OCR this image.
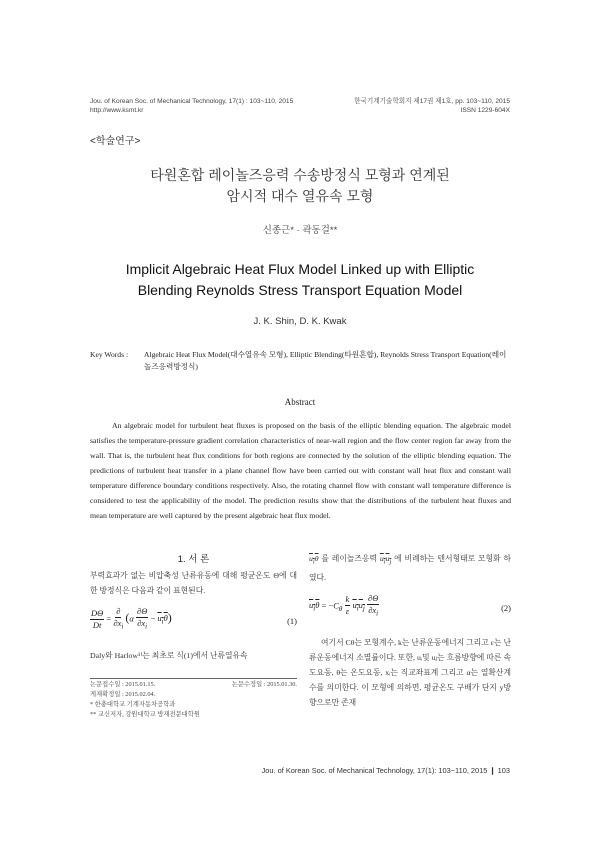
Jou. of Korean Soc. of Mechanical Technology, 17(1) : 103~110, 2015
http://www.ksmt.kr
한국기계기술학회지 제17권 제1호, pp. 103~110, 2015
ISSN 1229-604X
<학술연구>
타원혼합 레이놀즈응력 수송방정식 모형과 연계된
암시적 대수 열유속 모형
신종근* · 곽동걸**
Implicit Algebraic Heat Flux Model Linked up with Elliptic
Blending Reynolds Stress Transport Equation Model
J. K. Shin, D. K. Kwak
Key Words : Algebraic Heat Flux Model(대수열유속 모형), Elliptic Blending(타원혼합), Reynolds Stress Transport Equation(레이놀즈응력방정식)
Abstract

An algebraic model for turbulent heat fluxes is proposed on the basis of the elliptic blending equation. The algebraic model satisfies the temperature-pressure gradient correlation characteristics of near-wall region and the flow center region far away from the wall. That is, the turbulent heat flux conditions for both regions are connected by the solution of the elliptic blending equation. The predictions of turbulent heat transfer in a plane channel flow have been carried out with constant wall heat flux and constant wall temperature difference boundary conditions respectively. Also, the rotating channel flow with constant wall temperature difference is considered to test the applicability of the model. The prediction results show that the distributions of the turbulent heat fluxes and mean temperature are well captured by the present algebraic heat flux model.

1. 서 론

부력효과가 없는 비압축성 난류유동에 대해 평균온도 Θ에 대한 방정식은 다음과 같이 표현된다.

$\frac{D\Theta}{Dt} = \frac{\partial}{\partial x_i} (\alpha \frac{\partial\Theta}{\partial x_i} - u_i\theta)$	(1)

Daly와 Harlow¹⁾는 최초로 식(1)에서 난류열유속

$u_i\theta$ 를 레이놀즈응력 $u_iu_j$ 에 비례하는 텐서형태로 모형화 하였다.

$u_i\theta = -C_\theta \frac{k}{\varepsilon} u_iu_j \frac{\partial\Theta}{\partial x_i}$	(2)

여기서 Cθ는 모형계수, k는 난류운동에너지 그리고 ε는 난류운동에너지 소멸률이다. 또한, uᵢ및 uⱼ는 흐름방향에 따른 속도요동, θ는 온도요동, xᵢ는 직교좌표계 그리고 α는 열확산계수를 의미한다. 이 모형에 의하면, 평균온도 구배가 단지 y방향으로만 존재

논문접수일 : 2015.01.15.	논문수정일 : 2015.01.30.
게재확정일 : 2015.02.04.
* 한충대학교 기계자동차공학과
** 교신저자, 강원대학교 방재전문대학원
Jou. of Korean Soc. of Mechanical Technology, 17(1): 103~110, 2015 ❙ 103
